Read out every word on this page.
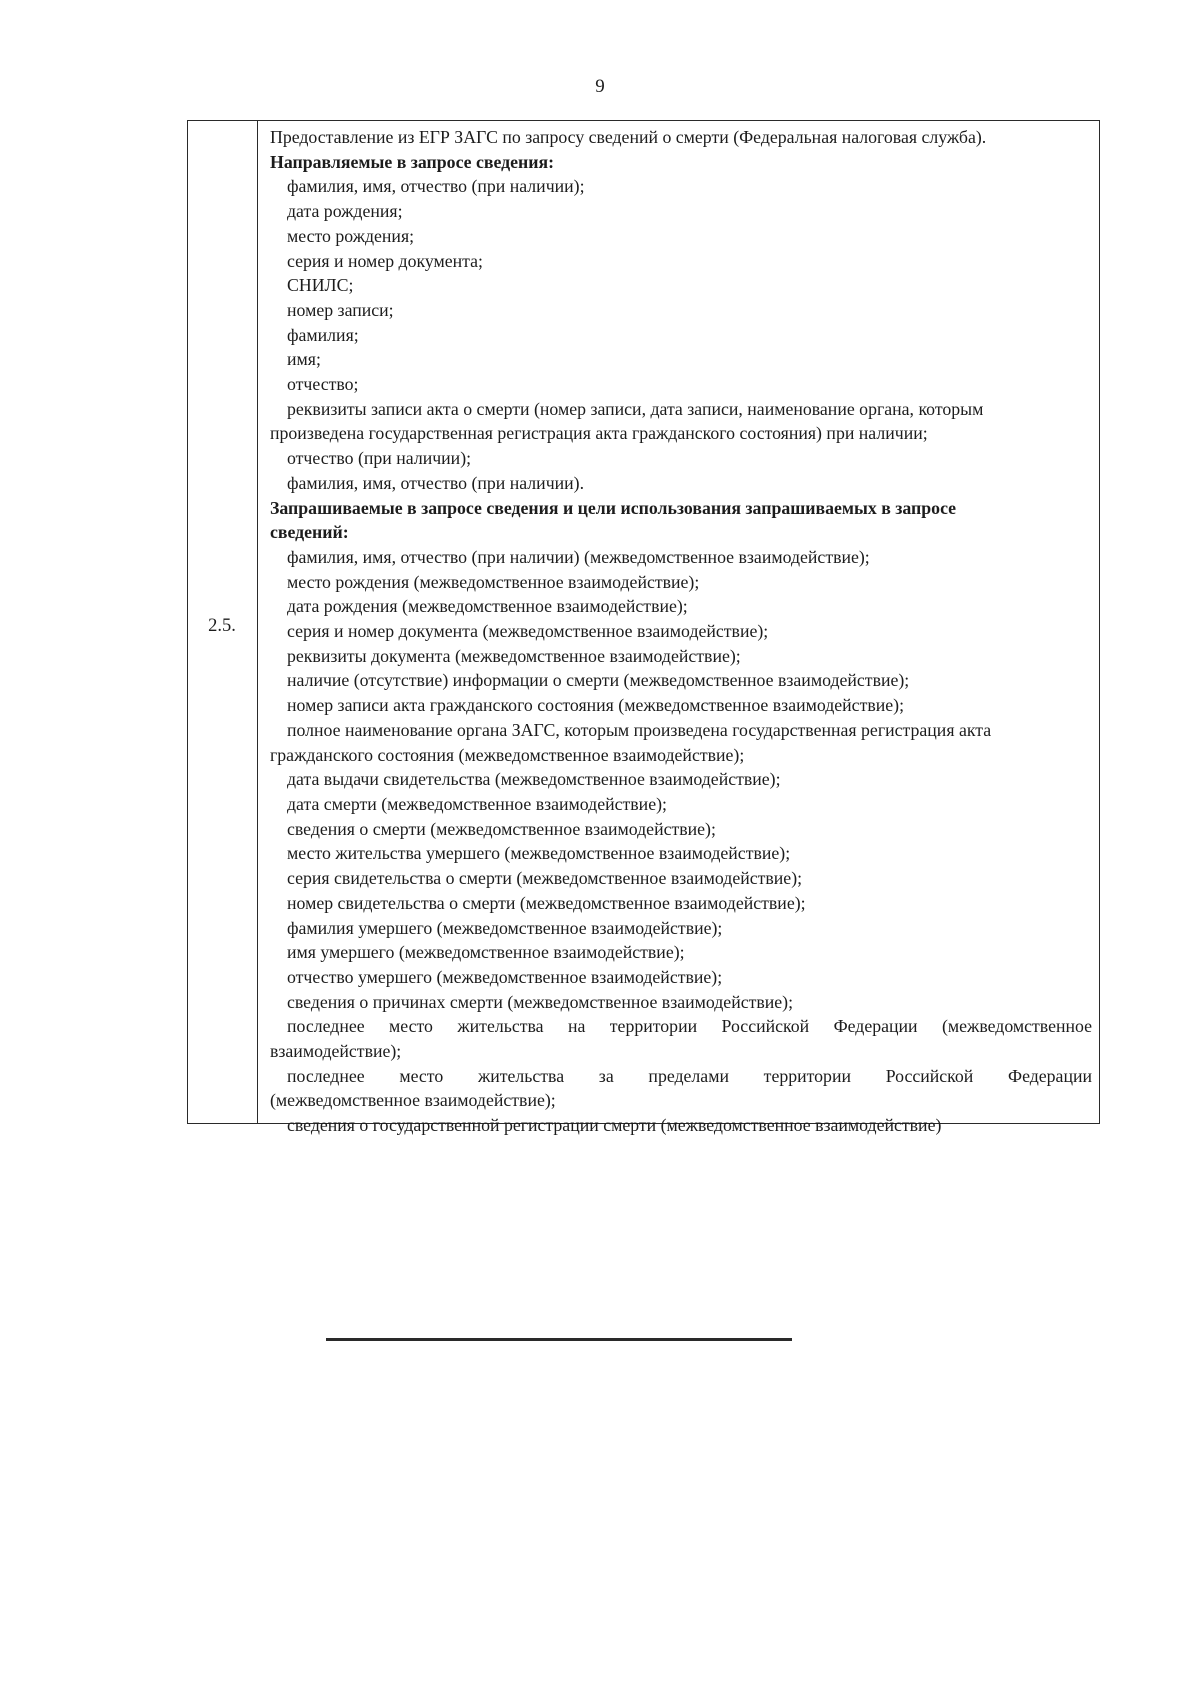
9
2.5.
Предоставление из ЕГР ЗАГС по запросу сведений о смерти (Федеральная налоговая служба).
Направляемые в запросе сведения:
фамилия, имя, отчество (при наличии);
дата рождения;
место рождения;
серия и номер документа;
СНИЛС;
номер записи;
фамилия;
имя;
отчество;
реквизиты записи акта о смерти (номер записи, дата записи, наименование органа, которым
произведена государственная регистрация акта гражданского состояния) при наличии;
отчество (при наличии);
фамилия, имя, отчество (при наличии).
Запрашиваемые в запросе сведения и цели использования запрашиваемых в запросе
сведений:
фамилия, имя, отчество (при наличии) (межведомственное взаимодействие);
место рождения (межведомственное взаимодействие);
дата рождения (межведомственное взаимодействие);
серия и номер документа (межведомственное взаимодействие);
реквизиты документа (межведомственное взаимодействие);
наличие (отсутствие) информации о смерти (межведомственное взаимодействие);
номер записи акта гражданского состояния (межведомственное взаимодействие);
полное наименование органа ЗАГС, которым произведена государственная регистрация акта
гражданского состояния (межведомственное взаимодействие);
дата выдачи свидетельства (межведомственное взаимодействие);
дата смерти (межведомственное взаимодействие);
сведения о смерти (межведомственное взаимодействие);
место жительства умершего (межведомственное взаимодействие);
серия свидетельства о смерти (межведомственное взаимодействие);
номер свидетельства о смерти (межведомственное взаимодействие);
фамилия умершего (межведомственное взаимодействие);
имя умершего (межведомственное взаимодействие);
отчество умершего (межведомственное взаимодействие);
сведения о причинах смерти (межведомственное взаимодействие);
последнее место жительства на территории Российской Федерации (межведомственное
взаимодействие);
последнее место жительства за пределами территории Российской Федерации
(межведомственное взаимодействие);
сведения о государственной регистрации смерти (межведомственное взаимодействие)
